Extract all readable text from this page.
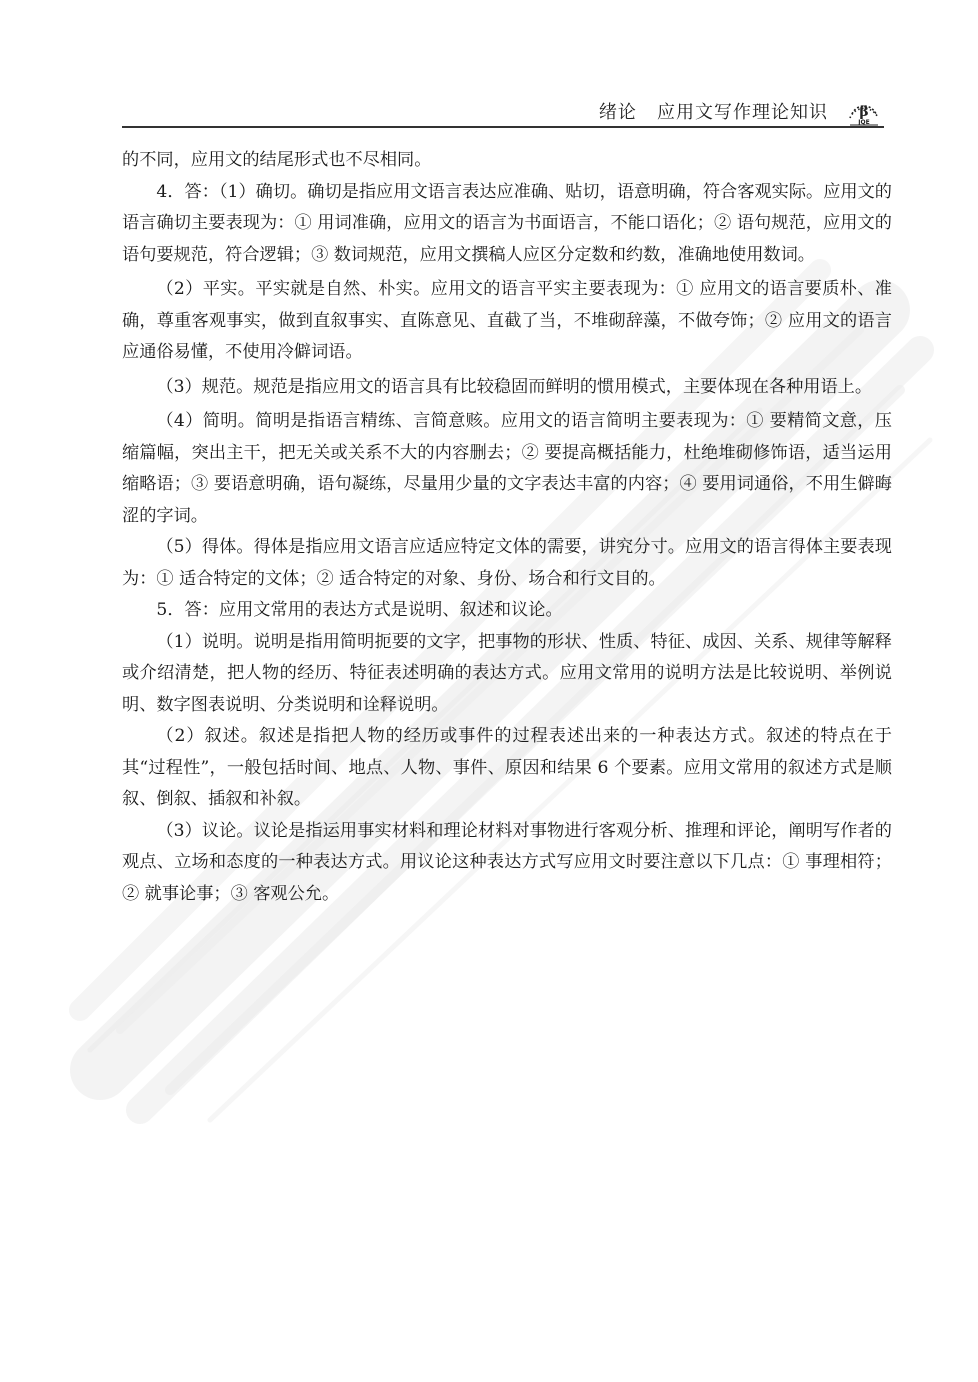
绪论 应用文写作理论知识 β
JQE

的不同，应用文的结尾形式也不尽相同。

4．答：（1）确切。确切是指应用文语言表达应准确、贴切，语意明确，符合客观实际。应用文的语言确切主要表现为：① 用词准确，应用文的语言为书面语言，不能口语化；② 语句规范，应用文的语句要规范，符合逻辑；③ 数词规范，应用文撰稿人应区分定数和约数，准确地使用数词。

（2）平实。平实就是自然、朴实。应用文的语言平实主要表现为：① 应用文的语言要质朴、准确，尊重客观事实，做到直叙事实、直陈意见、直截了当，不堆砌辞藻，不做夸饰；② 应用文的语言应通俗易懂，不使用冷僻词语。

（3）规范。规范是指应用文的语言具有比较稳固而鲜明的惯用模式，主要体现在各种用语上。

（4）简明。简明是指语言精练、言简意赅。应用文的语言简明主要表现为：① 要精简文意，压缩篇幅，突出主干，把无关或关系不大的内容删去；② 要提高概括能力，杜绝堆砌修饰语，适当运用缩略语；③ 要语意明确，语句凝练，尽量用少量的文字表达丰富的内容；④ 要用词通俗，不用生僻晦涩的字词。

（5）得体。得体是指应用文语言应适应特定文体的需要，讲究分寸。应用文的语言得体主要表现为：① 适合特定的文体；② 适合特定的对象、身份、场合和行文目的。

5．答：应用文常用的表达方式是说明、叙述和议论。

（1）说明。说明是指用简明扼要的文字，把事物的形状、性质、特征、成因、关系、规律等解释或介绍清楚，把人物的经历、特征表述明确的表达方式。应用文常用的说明方法是比较说明、举例说明、数字图表说明、分类说明和诠释说明。

（2）叙述。叙述是指把人物的经历或事件的过程表述出来的一种表达方式。叙述的特点在于其“过程性”，一般包括时间、地点、人物、事件、原因和结果 6 个要素。应用文常用的叙述方式是顺叙、倒叙、插叙和补叙。

（3）议论。议论是指运用事实材料和理论材料对事物进行客观分析、推理和评论，阐明写作者的观点、立场和态度的一种表达方式。用议论这种表达方式写应用文时要注意以下几点：① 事理相符；② 就事论事；③ 客观公允。
